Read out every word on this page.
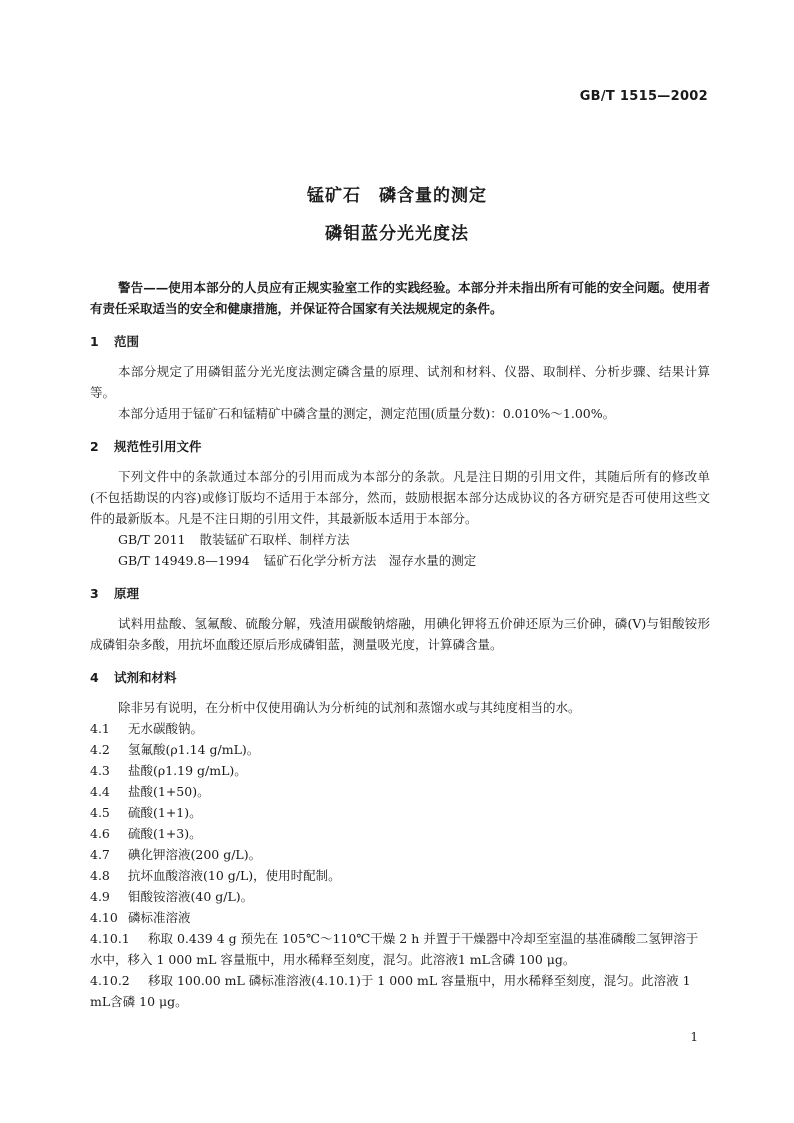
GB/T 1515—2002
锰矿石　磷含量的测定
磷钼蓝分光光度法

警告——使用本部分的人员应有正规实验室工作的实践经验。本部分并未指出所有可能的安全问题。使用者有责任采取适当的安全和健康措施，并保证符合国家有关法规规定的条件。

1 范围

本部分规定了用磷钼蓝分光光度法测定磷含量的原理、试剂和材料、仪器、取制样、分析步骤、结果计算等。

本部分适用于锰矿石和锰精矿中磷含量的测定，测定范围(质量分数)：0.010%～1.00%。

2 规范性引用文件

下列文件中的条款通过本部分的引用而成为本部分的条款。凡是注日期的引用文件，其随后所有的修改单(不包括勘误的内容)或修订版均不适用于本部分，然而，鼓励根据本部分达成协议的各方研究是否可使用这些文件的最新版本。凡是不注日期的引用文件，其最新版本适用于本部分。

GB/T 2011 散装锰矿石取样、制样方法

GB/T 14949.8—1994 锰矿石化学分析方法　湿存水量的测定

3 原理

试料用盐酸、氢氟酸、硫酸分解，残渣用碳酸钠熔融，用碘化钾将五价砷还原为三价砷，磷(V)与钼酸铵形成磷钼杂多酸，用抗坏血酸还原后形成磷钼蓝，测量吸光度，计算磷含量。

4 试剂和材料

除非另有说明，在分析中仅使用确认为分析纯的试剂和蒸馏水或与其纯度相当的水。

4.1 无水碳酸钠。

4.2 氢氟酸(ρ1.14 g/mL)。

4.3 盐酸(ρ1.19 g/mL)。

4.4 盐酸(1+50)。

4.5 硫酸(1+1)。

4.6 硫酸(1+3)。

4.7 碘化钾溶液(200 g/L)。

4.8 抗坏血酸溶液(10 g/L)，使用时配制。

4.9 钼酸铵溶液(40 g/L)。

4.10 磷标准溶液

4.10.1 称取 0.439 4 g 预先在 105℃～110℃干燥 2 h 并置于干燥器中冷却至室温的基准磷酸二氢钾溶于水中，移入 1 000 mL 容量瓶中，用水稀释至刻度，混匀。此溶液1 mL含磷 100 μg。

4.10.2 移取 100.00 mL 磷标准溶液(4.10.1)于 1 000 mL 容量瓶中，用水稀释至刻度，混匀。此溶液 1 mL含磷 10 μg。

1
